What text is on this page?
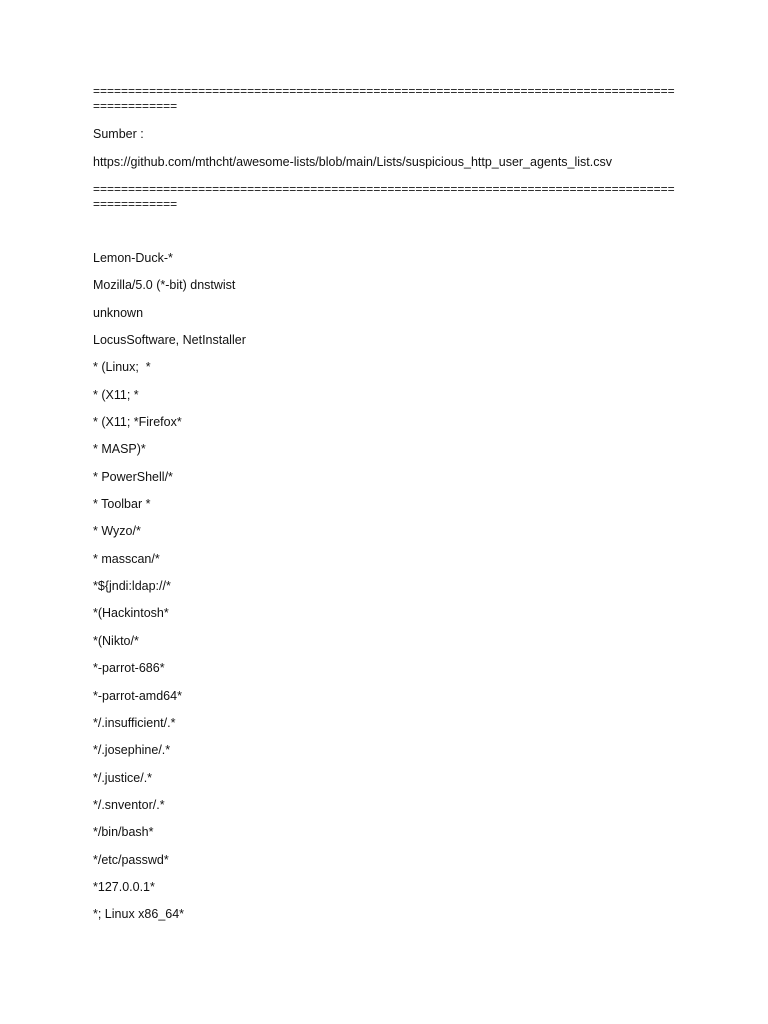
===============================================================================================

Sumber :

https://github.com/mthcht/awesome-lists/blob/main/Lists/suspicious_http_user_agents_list.csv

===============================================================================================

Lemon-Duck-*

Mozilla/5.0 (*-bit) dnstwist

unknown

LocusSoftware, NetInstaller

* (Linux;  *

* (X11; *

* (X11; *Firefox*

* MASP)*

* PowerShell/*

* Toolbar *

* Wyzo/*

* masscan/*

*${jndi:ldap://*

*(Hackintosh*

*(Nikto/*

*-parrot-686*

*-parrot-amd64*

*/.insufficient/.*

*/.josephine/.*

*/.justice/.*

*/.snventor/.*

*/bin/bash*

*/etc/passwd*

*127.0.0.1*

*; Linux x86_64*
